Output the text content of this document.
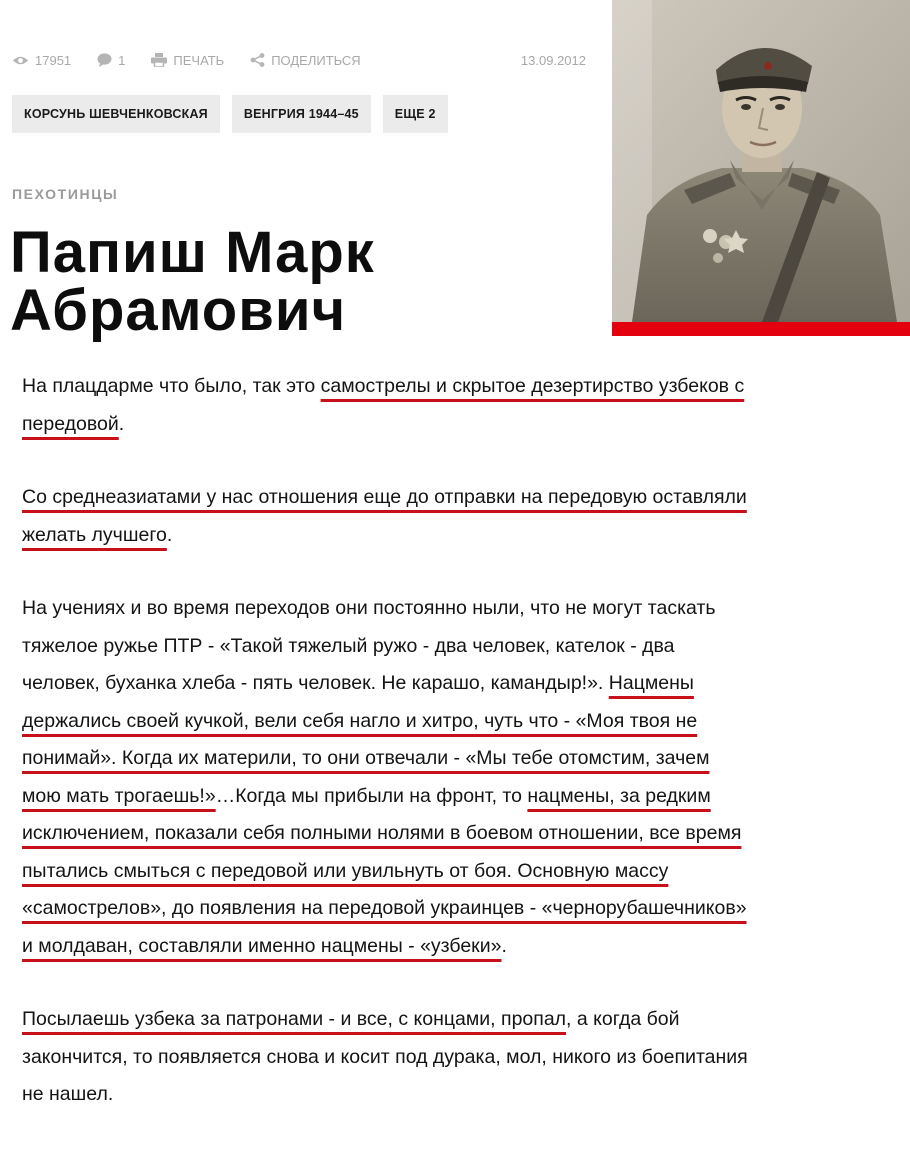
17951	1	ПЕЧАТЬ	ПОДЕЛИТЬСЯ	13.09.2012
КОРСУНЬ ШЕВЧЕНКОВСКАЯ	ВЕНГРИЯ 1944–45	ЕЩЕ 2
ПЕХОТИНЦЫ
Папиш Марк
Абрамович

На плацдарме что было, так это самострелы и скрытое дезертирство узбеков с
передовой.

Со среднеазиатами у нас отношения еще до отправки на передовую оставляли
желать лучшего.

На учениях и во время переходов они постоянно ныли, что не могут таскать
тяжелое ружье ПТР - «Такой тяжелый ружо - два человек, кателок - два
человек, буханка хлеба - пять человек. Не карашо, камандыр!». Нацмены
держались своей кучкой, вели себя нагло и хитро, чуть что - «Моя твоя не
понимай». Когда их материли, то они отвечали - «Мы тебе отомстим, зачем
мою мать трогаешь!»…Когда мы прибыли на фронт, то нацмены, за редким
исключением, показали себя полными нолями в боевом отношении, все время
пытались смыться с передовой или увильнуть от боя. Основную массу
«самострелов», до появления на передовой украинцев - «чернорубашечников»
и молдаван, составляли именно нацмены - «узбеки».

Посылаешь узбека за патронами - и все, с концами, пропал, а когда бой
закончится, то появляется снова и косит под дурака, мол, никого из боепитания
не нашел.
